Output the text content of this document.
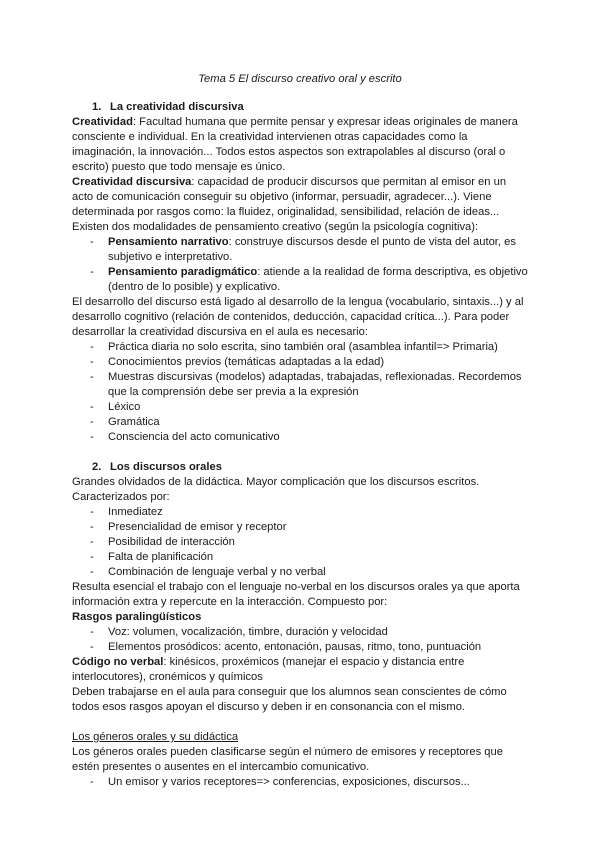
Tema 5 El discurso creativo oral y escrito
1. La creatividad discursiva

Creatividad: Facultad humana que permite pensar y expresar ideas originales de manera consciente e individual. En la creatividad intervienen otras capacidades como la imaginación, la innovación... Todos estos aspectos son extrapolables al discurso (oral o escrito) puesto que todo mensaje es único.

Creatividad discursiva: capacidad de producir discursos que permitan al emisor en un acto de comunicación conseguir su objetivo (informar, persuadir, agradecer...). Viene determinada por rasgos como: la fluidez, originalidad, sensibilidad, relación de ideas... Existen dos modalidades de pensamiento creativo (según la psicología cognitiva):

- Pensamiento narrativo: construye discursos desde el punto de vista del autor, es subjetivo e interpretativo.
- Pensamiento paradigmático: atiende a la realidad de forma descriptiva, es objetivo (dentro de lo posible) y explicativo.

El desarrollo del discurso está ligado al desarrollo de la lengua (vocabulario, sintaxis...) y al desarrollo cognitivo (relación de contenidos, deducción, capacidad crítica...). Para poder desarrollar la creatividad discursiva en el aula es necesario:

- Práctica diaria no solo escrita, sino también oral (asamblea infantil=> Primaria)
- Conocimientos previos (temáticas adaptadas a la edad)
- Muestras discursivas (modelos) adaptadas, trabajadas, reflexionadas. Recordemos que la comprensión debe ser previa a la expresión
- Léxico
- Gramática
- Consciencia del acto comunicativo
2. Los discursos orales

Grandes olvidados de la didáctica. Mayor complicación que los discursos escritos. Caracterizados por:

- Inmediatez
- Presencialidad de emisor y receptor
- Posibilidad de interacción
- Falta de planificación
- Combinación de lenguaje verbal y no verbal

Resulta esencial el trabajo con el lenguaje no-verbal en los discursos orales ya que aporta información extra y repercute en la interacción. Compuesto por:

Rasgos paralingüísticos

- Voz: volumen, vocalización, timbre, duración y velocidad
- Elementos prosódicos: acento, entonación, pausas, ritmo, tono, puntuación

Código no verbal: kinésicos, proxémicos (manejar el espacio y distancia entre interlocutores), cronémicos y químicos

Deben trabajarse en el aula para conseguir que los alumnos sean conscientes de cómo todos esos rasgos apoyan el discurso y deben ir en consonancia con el mismo.

Los géneros orales y su didáctica

Los géneros orales pueden clasificarse según el número de emisores y receptores que estén presentes o ausentes en el intercambio comunicativo.

- Un emisor y varios receptores=> conferencias, exposiciones, discursos...
